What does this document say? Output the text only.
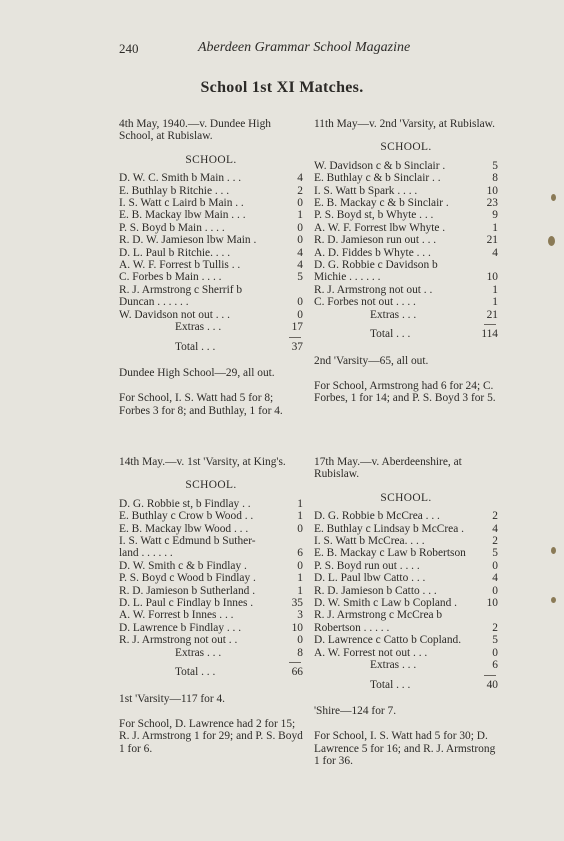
240	Aberdeen Grammar School Magazine
School 1st XI Matches.

4th May, 1940.—v. Dundee High School, at Rubislaw.

SCHOOL.
D. W. C. Smith b Main . . .	4
E. Buthlay b Ritchie . . .	2
I. S. Watt c Laird b Main . .	0
E. B. Mackay lbw Main . . .	1
P. S. Boyd b Main . . . .	0
R. D. W. Jamieson lbw Main .	0
D. L. Paul b Ritchie. . . .	4
A. W. F. Forrest b Tullis . .	4
C. Forbes b Main . . . .	5
R. J. Armstrong c Sherrif b
Duncan . . . . . .	0
W. Davidson not out . . .	0
Extras . . .	17
Total . . .	37

Dundee High School—29, all out.

For School, I. S. Watt had 5 for 8; Forbes 3 for 8; and Buthlay, 1 for 4.

11th May—v. 2nd 'Varsity, at Rubislaw.

SCHOOL.
W. Davidson c & b Sinclair .	5
E. Buthlay c & b Sinclair . .	8
I. S. Watt b Spark . . . .	10
E. B. Mackay c & b Sinclair .	23
P. S. Boyd st, b Whyte . . .	9
A. W. F. Forrest lbw Whyte .	1
R. D. Jamieson run out . . .	21
A. D. Fiddes b Whyte . . .	4
D. G. Robbie c Davidson b
Michie . . . . . .	10
R. J. Armstrong not out . .	1
C. Forbes not out . . . .	1
Extras . . .	21
Total . . .	114

2nd 'Varsity—65, all out.

For School, Armstrong had 6 for 24; C. Forbes, 1 for 14; and P. S. Boyd 3 for 5.

14th May.—v. 1st 'Varsity, at King's.

SCHOOL.
D. G. Robbie st, b Findlay . .	1
E. Buthlay c Crow b Wood . .	1
E. B. Mackay lbw Wood . . .	0
I. S. Watt c Edmund b Suther-
land . . . . . .	6
D. W. Smith c & b Findlay .	0
P. S. Boyd c Wood b Findlay .	1
R. D. Jamieson b Sutherland .	1
D. L. Paul c Findlay b Innes .	35
A. W. Forrest b Innes . . .	3
D. Lawrence b Findlay . . .	10
R. J. Armstrong not out . .	0
Extras . . .	8
Total . . .	66

1st 'Varsity—117 for 4.

For School, D. Lawrence had 2 for 15; R. J. Armstrong 1 for 29; and P. S. Boyd 1 for 6.

17th May.—v. Aberdeenshire, at Rubislaw.

SCHOOL.
D. G. Robbie b McCrea . . .	2
E. Buthlay c Lindsay b McCrea .	4
I. S. Watt b McCrea. . . .	2
E. B. Mackay c Law b Robertson	5
P. S. Boyd run out . . . .	0
D. L. Paul lbw Catto . . .	4
R. D. Jamieson b Catto . . .	0
D. W. Smith c Law b Copland .	10
R. J. Armstrong c McCrea b
Robertson . . . . .	2
D. Lawrence c Catto b Copland.	5
A. W. Forrest not out . . .	0
Extras . . .	6
Total . . .	40

'Shire—124 for 7.

For School, I. S. Watt had 5 for 30; D. Lawrence 5 for 16; and R. J. Armstrong 1 for 36.
